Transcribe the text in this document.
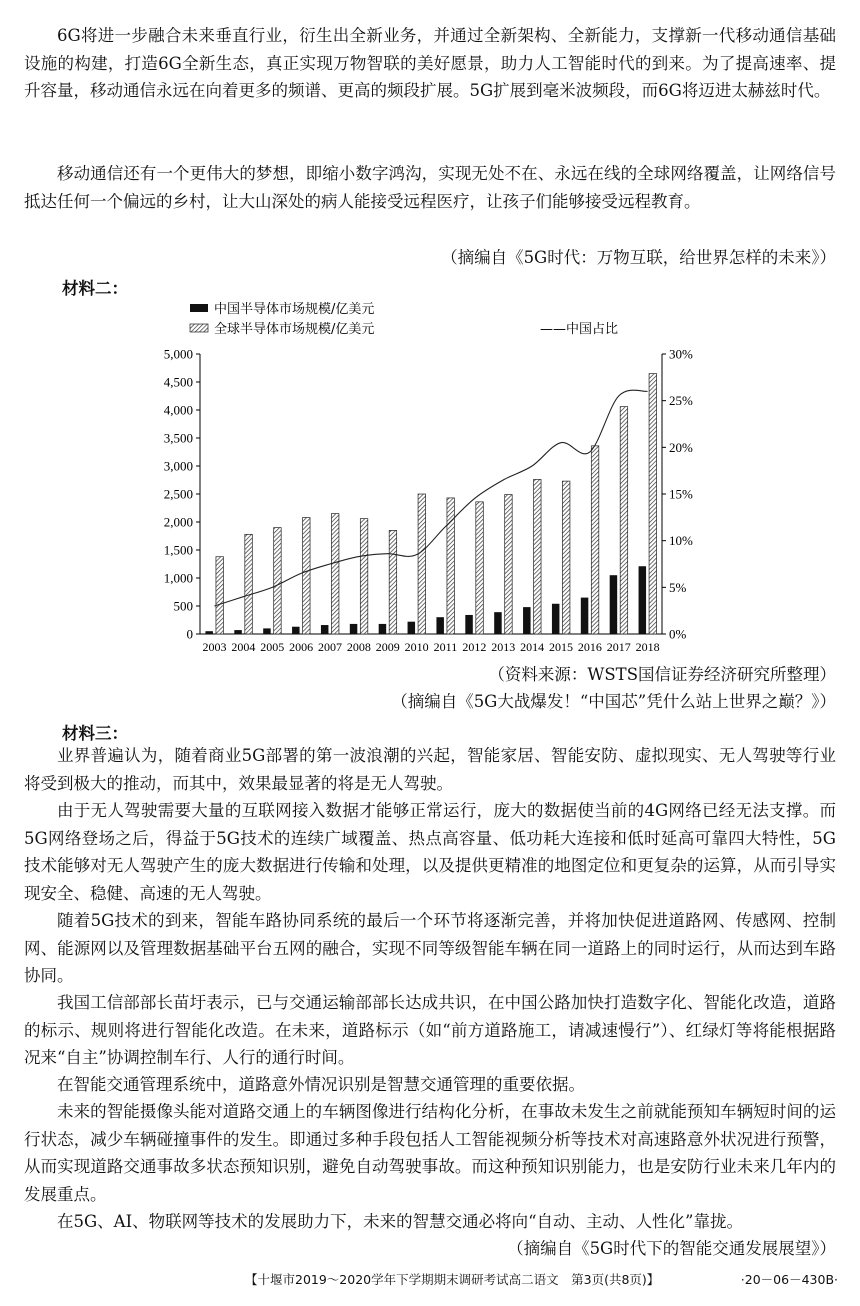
6G将进一步融合未来垂直行业，衍生出全新业务，并通过全新架构、全新能力，支撑新一代移动通信基础设施的构建，打造6G全新生态，真正实现万物智联的美好愿景，助力人工智能时代的到来。为了提高速率、提升容量，移动通信永远在向着更多的频谱、更高的频段扩展。5G扩展到毫米波频段，而6G将迈进太赫兹时代。

移动通信还有一个更伟大的梦想，即缩小数字鸿沟，实现无处不在、永远在线的全球网络覆盖，让网络信号抵达任何一个偏远的乡村，让大山深处的病人能接受远程医疗，让孩子们能够接受远程教育。

（摘编自《5G时代：万物互联，给世界怎样的未来》）

材料二：

0
500
1,000
1,500
2,000
2,500
3,000
3,500
4,000
4,500
5,000
0%
5%
10%
15%
20%
25%
30%
2003 2004 2005 2006 2007 2008 2009 2010 2011 2012 2013 2014 2015 2016 2017 2018
中国半导体市场规模/亿美元
全球半导体市场规模/亿美元	——中国占比

（资料来源：WSTS国信证券经济研究所整理）

（摘编自《5G大战爆发！“中国芯”凭什么站上世界之巅？》）

材料三：

业界普遍认为，随着商业5G部署的第一波浪潮的兴起，智能家居、智能安防、虚拟现实、无人驾驶等行业将受到极大的推动，而其中，效果最显著的将是无人驾驶。

由于无人驾驶需要大量的互联网接入数据才能够正常运行，庞大的数据使当前的4G网络已经无法支撑。而5G网络登场之后，得益于5G技术的连续广域覆盖、热点高容量、低功耗大连接和低时延高可靠四大特性，5G技术能够对无人驾驶产生的庞大数据进行传输和处理，以及提供更精准的地图定位和更复杂的运算，从而引导实现安全、稳健、高速的无人驾驶。

随着5G技术的到来，智能车路协同系统的最后一个环节将逐渐完善，并将加快促进道路网、传感网、控制网、能源网以及管理数据基础平台五网的融合，实现不同等级智能车辆在同一道路上的同时运行，从而达到车路协同。

我国工信部部长苗圩表示，已与交通运输部部长达成共识，在中国公路加快打造数字化、智能化改造，道路的标示、规则将进行智能化改造。在未来，道路标示（如“前方道路施工，请减速慢行”）、红绿灯等将能根据路况来“自主”协调控制车行、人行的通行时间。

在智能交通管理系统中，道路意外情况识别是智慧交通管理的重要依据。

未来的智能摄像头能对道路交通上的车辆图像进行结构化分析，在事故未发生之前就能预知车辆短时间的运行状态，减少车辆碰撞事件的发生。即通过多种手段包括人工智能视频分析等技术对高速路意外状况进行预警，从而实现道路交通事故多状态预知识别，避免自动驾驶事故。而这种预知识别能力，也是安防行业未来几年内的发展重点。

在5G、AI、物联网等技术的发展助力下，未来的智慧交通必将向“自动、主动、人性化”靠拢。

（摘编自《5G时代下的智能交通发展展望》）

【十堰市2019～2020学年下学期期末调研考试高二语文　第3页(共8页)】	·20－06－430B·
